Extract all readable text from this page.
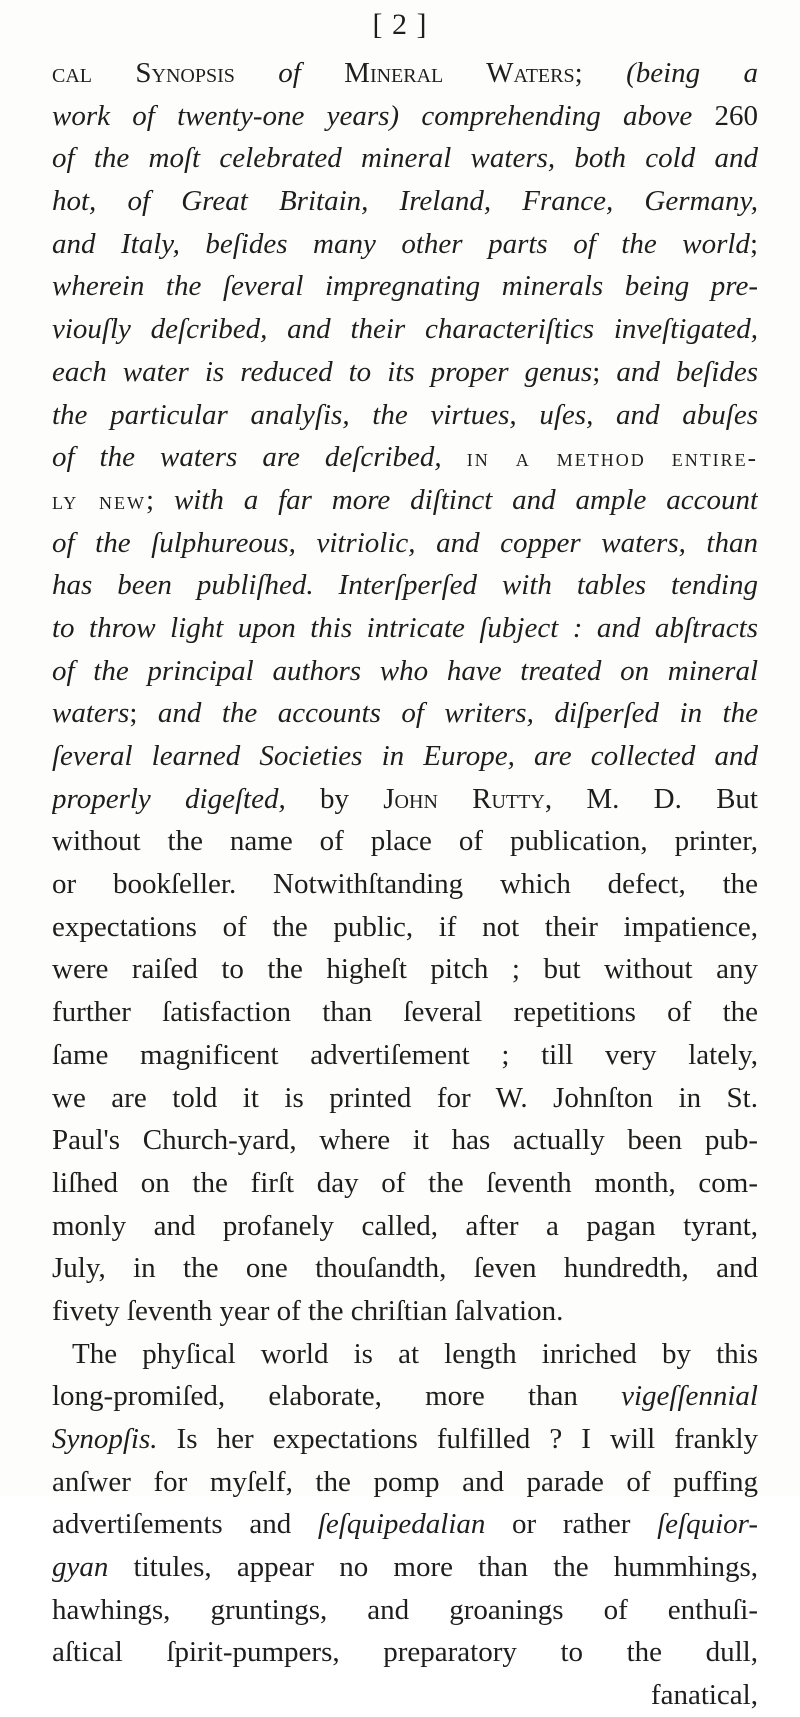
[ 2 ]
cal Synopsis of Mineral Waters; (being a
work of twenty-one years) comprehending above 260
of the moſt celebrated mineral waters, both cold and
hot, of Great Britain, Ireland, France, Germany,
and Italy, beſides many other parts of the world;
wherein the ſeveral impregnating minerals being pre-
viouſly deſcribed, and their characteriſtics inveſtigated,
each water is reduced to its proper genus; and beſides
the particular analyſis, the virtues, uſes, and abuſes
of the waters are deſcribed, in a method entire-
ly new; with a far more diſtinct and ample account
of the ſulphureous, vitriolic, and copper waters, than
has been publiſhed. Interſperſed with tables tending
to throw light upon this intricate ſubject : and abſtracts
of the principal authors who have treated on mineral
waters; and the accounts of writers, diſperſed in the
ſeveral learned Societies in Europe, are collected and
properly digeſted, by John Rutty, M. D. But
without the name of place of publication, printer,
or bookſeller. Notwithſtanding which defect, the
expectations of the public, if not their impatience,
were raiſed to the higheſt pitch ; but without any
further ſatisfaction than ſeveral repetitions of the
ſame magnificent advertiſement ; till very lately,
we are told it is printed for W. Johnſton in St.
Paul's Church-yard, where it has actually been pub-
liſhed on the firſt day of the ſeventh month, com-
monly and profanely called, after a pagan tyrant,
July, in the one thouſandth, ſeven hundredth, and
fivety ſeventh year of the chriſtian ſalvation.
The phyſical world is at length inriched by this
long-promiſed, elaborate, more than vigeſſennial
Synopſis. Is her expectations fulfilled ? I will frankly
anſwer for myſelf, the pomp and parade of puffing
advertiſements and ſeſquipedalian or rather ſeſquior-
gyan titules, appear no more than the hummhings,
hawhings, gruntings, and groanings of enthuſi-
aſtical ſpirit-pumpers, preparatory to the dull,
fanatical,
